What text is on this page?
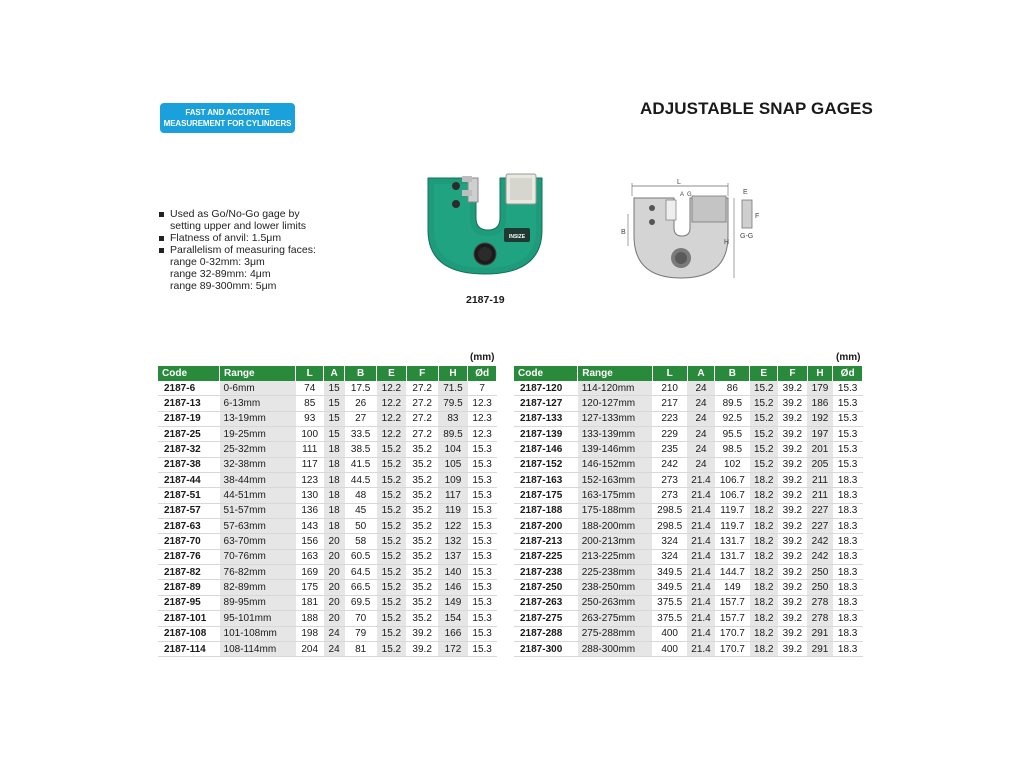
FAST AND ACCURATE
MEASUREMENT FOR CYLINDERS
ADJUSTABLE SNAP GAGES
Used as Go/No-Go gage by
setting upper and lower limits
Flatness of anvil: 1.5μm
Parallelism of measuring faces:
range 0-32mm: 3μm
range 32-89mm: 4μm
range 89-300mm: 5μm
INSIZE
2187-19
L
A G
B
H
E
F
G-G
(mm)	(mm)
Code	Range	L	A	B	E	F	H	Ød
2187-6	0-6mm	74	15	17.5	12.2	27.2	71.5	7
2187-13	6-13mm	85	15	26	12.2	27.2	79.5	12.3
2187-19	13-19mm	93	15	27	12.2	27.2	83	12.3
2187-25	19-25mm	100	15	33.5	12.2	27.2	89.5	12.3
2187-32	25-32mm	111	18	38.5	15.2	35.2	104	15.3
2187-38	32-38mm	117	18	41.5	15.2	35.2	105	15.3
2187-44	38-44mm	123	18	44.5	15.2	35.2	109	15.3
2187-51	44-51mm	130	18	48	15.2	35.2	117	15.3
2187-57	51-57mm	136	18	45	15.2	35.2	119	15.3
2187-63	57-63mm	143	18	50	15.2	35.2	122	15.3
2187-70	63-70mm	156	20	58	15.2	35.2	132	15.3
2187-76	70-76mm	163	20	60.5	15.2	35.2	137	15.3
2187-82	76-82mm	169	20	64.5	15.2	35.2	140	15.3
2187-89	82-89mm	175	20	66.5	15.2	35.2	146	15.3
2187-95	89-95mm	181	20	69.5	15.2	35.2	149	15.3
2187-101	95-101mm	188	20	70	15.2	35.2	154	15.3
2187-108	101-108mm	198	24	79	15.2	39.2	166	15.3
2187-114	108-114mm	204	24	81	15.2	39.2	172	15.3
Code	Range	L	A	B	E	F	H	Ød
2187-120	114-120mm	210	24	86	15.2	39.2	179	15.3
2187-127	120-127mm	217	24	89.5	15.2	39.2	186	15.3
2187-133	127-133mm	223	24	92.5	15.2	39.2	192	15.3
2187-139	133-139mm	229	24	95.5	15.2	39.2	197	15.3
2187-146	139-146mm	235	24	98.5	15.2	39.2	201	15.3
2187-152	146-152mm	242	24	102	15.2	39.2	205	15.3
2187-163	152-163mm	273	21.4	106.7	18.2	39.2	211	18.3
2187-175	163-175mm	273	21.4	106.7	18.2	39.2	211	18.3
2187-188	175-188mm	298.5	21.4	119.7	18.2	39.2	227	18.3
2187-200	188-200mm	298.5	21.4	119.7	18.2	39.2	227	18.3
2187-213	200-213mm	324	21.4	131.7	18.2	39.2	242	18.3
2187-225	213-225mm	324	21.4	131.7	18.2	39.2	242	18.3
2187-238	225-238mm	349.5	21.4	144.7	18.2	39.2	250	18.3
2187-250	238-250mm	349.5	21.4	149	18.2	39.2	250	18.3
2187-263	250-263mm	375.5	21.4	157.7	18.2	39.2	278	18.3
2187-275	263-275mm	375.5	21.4	157.7	18.2	39.2	278	18.3
2187-288	275-288mm	400	21.4	170.7	18.2	39.2	291	18.3
2187-300	288-300mm	400	21.4	170.7	18.2	39.2	291	18.3
